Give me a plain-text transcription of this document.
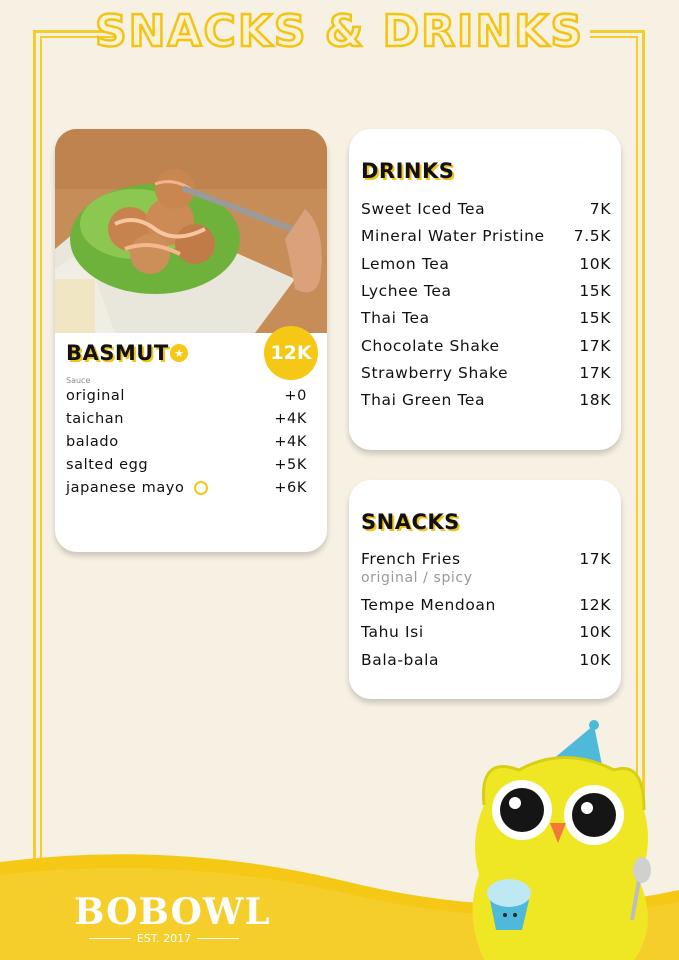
SNACKS & DRINKS
BASMUT ★	12K
Sauce
original	+0
taichan	+4K
balado	+4K
salted egg	+5K
japanese mayo	+6K
DRINKS
Sweet Iced Tea	7K
Mineral Water Pristine 7.5K
Lemon Tea	10K
Lychee Tea	15K
Thai Tea	15K
Chocolate Shake	17K
Strawberry Shake	17K
Thai Green Tea	18K
SNACKS
French Fries	17K
original / spicy
Tempe Mendoan	12K
Tahu Isi	10K
Bala-bala	10K
BOBOWL
EST. 2017
